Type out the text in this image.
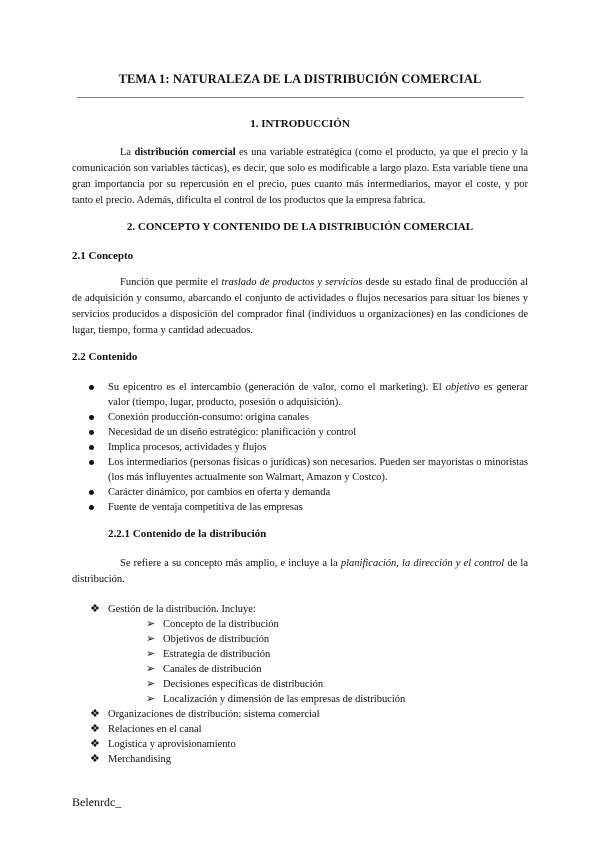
TEMA 1: NATURALEZA DE LA DISTRIBUCIÓN COMERCIAL
1. INTRODUCCIÓN

La distribución comercial es una variable estratégica (como el producto, ya que el precio y la comunicación son variables tácticas), es decir, que solo es modificable a largo plazo. Esta variable tiene una gran importancia por su repercusión en el precio, pues cuanto más intermediarios, mayor el coste, y por tanto el precio. Además, dificulta el control de los productos que la empresa fabrica.

2. CONCEPTO Y CONTENIDO DE LA DISTRIBUCIÓN COMERCIAL
2.1 Concepto

Función que permite el traslado de productos y servicios desde su estado final de producción al de adquisición y consumo, abarcando el conjunto de actividades o flujos necesarios para situar los bienes y servicios producidos a disposición del comprador final (individuos u organizaciones) en las condiciones de lugar, tiempo, forma y cantidad adecuados.

2.2 Contenido
Su epicentro es el intercambio (generación de valor, como el marketing). El objetivo es generar valor (tiempo, lugar, producto, posesión o adquisición).
Conexión producción-consumo: origina canales
Necesidad de un diseño estratégico: planificación y control
Implica procesos, actividades y flujos
Los intermediarios (personas físicas o jurídicas) son necesarios. Pueden ser mayoristas o minoristas (los más influyentes actualmente son Walmart, Amazon y Costco).
Carácter dinámico, por cambios en oferta y demanda
Fuente de ventaja competitiva de las empresas
2.2.1 Contenido de la distribución

Se refiere a su concepto más amplio, e incluye a la planificación, la dirección y el control de la distribución.

❖ Gestión de la distribución. Incluye:
➢ Concepto de la distribución
➢ Objetivos de distribución
➢ Estrategia de distribución
➢ Canales de distribución
➢ Decisiones específicas de distribución
➢ Localización y dimensión de las empresas de distribución
❖ Organizaciones de distribución: sistema comercial
❖ Relaciones en el canal
❖ Logística y aprovisionamiento
❖ Merchandising
Belenrdc_
